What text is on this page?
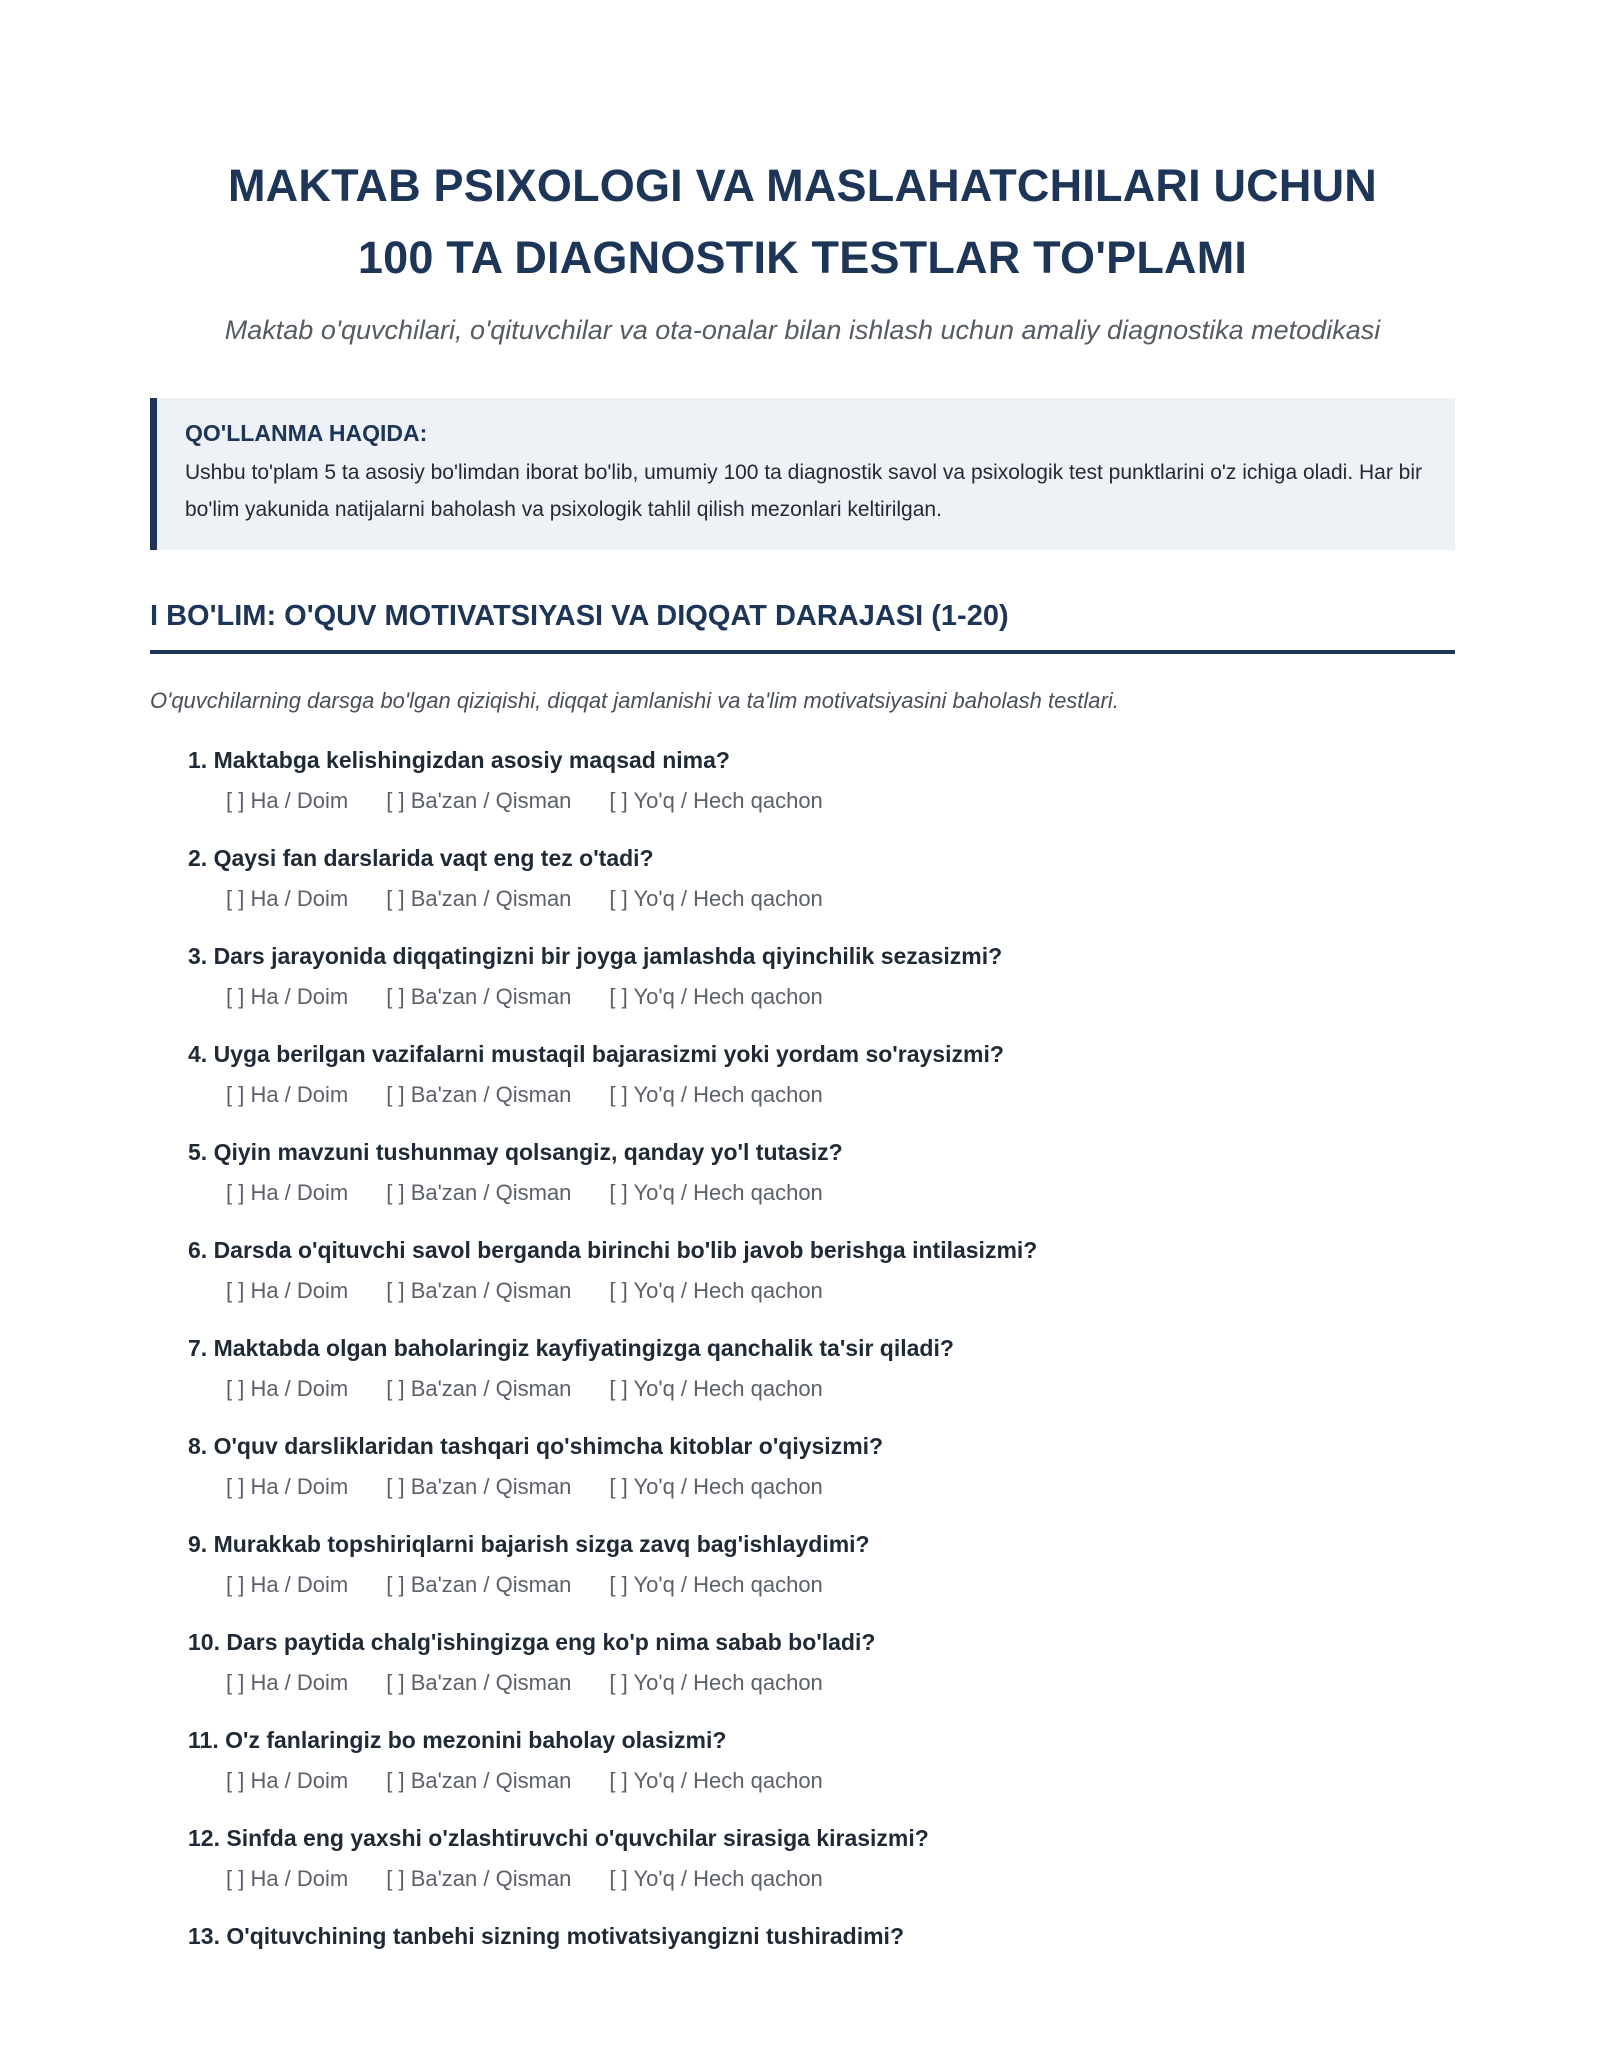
MAKTAB PSIXOLOGI VA MASLAHATCHILARI UCHUN
100 TA DIAGNOSTIK TESTLAR TO'PLAMI
Maktab o'quvchilari, o'qituvchilar va ota-onalar bilan ishlash uchun amaliy diagnostika metodikasi
QO'LLANMA HAQIDA:
Ushbu to'plam 5 ta asosiy bo'limdan iborat bo'lib, umumiy 100 ta diagnostik savol va psixologik test punktlarini o'z ichiga oladi. Har bir bo'lim yakunida natijalarni baholash va psixologik tahlil qilish mezonlari keltirilgan.
I BO'LIM: O'QUV MOTIVATSIYASI VA DIQQAT DARAJASI (1-20)
O'quvchilarning darsga bo'lgan qiziqishi, diqqat jamlanishi va ta'lim motivatsiyasini baholash testlari.
1. Maktabga kelishingizdan asosiy maqsad nima?
[ ] Ha / Doim [ ] Ba'zan / Qisman [ ] Yo'q / Hech qachon
2. Qaysi fan darslarida vaqt eng tez o'tadi?
[ ] Ha / Doim [ ] Ba'zan / Qisman [ ] Yo'q / Hech qachon
3. Dars jarayonida diqqatingizni bir joyga jamlashda qiyinchilik sezasizmi?
[ ] Ha / Doim [ ] Ba'zan / Qisman [ ] Yo'q / Hech qachon
4. Uyga berilgan vazifalarni mustaqil bajarasizmi yoki yordam so'raysizmi?
[ ] Ha / Doim [ ] Ba'zan / Qisman [ ] Yo'q / Hech qachon
5. Qiyin mavzuni tushunmay qolsangiz, qanday yo'l tutasiz?
[ ] Ha / Doim [ ] Ba'zan / Qisman [ ] Yo'q / Hech qachon
6. Darsda o'qituvchi savol berganda birinchi bo'lib javob berishga intilasizmi?
[ ] Ha / Doim [ ] Ba'zan / Qisman [ ] Yo'q / Hech qachon
7. Maktabda olgan baholaringiz kayfiyatingizga qanchalik ta'sir qiladi?
[ ] Ha / Doim [ ] Ba'zan / Qisman [ ] Yo'q / Hech qachon
8. O'quv darsliklaridan tashqari qo'shimcha kitoblar o'qiysizmi?
[ ] Ha / Doim [ ] Ba'zan / Qisman [ ] Yo'q / Hech qachon
9. Murakkab topshiriqlarni bajarish sizga zavq bag'ishlaydimi?
[ ] Ha / Doim [ ] Ba'zan / Qisman [ ] Yo'q / Hech qachon
10. Dars paytida chalg'ishingizga eng ko'p nima sabab bo'ladi?
[ ] Ha / Doim [ ] Ba'zan / Qisman [ ] Yo'q / Hech qachon
11. O'z fanlaringiz bo mezonini baholay olasizmi?
[ ] Ha / Doim [ ] Ba'zan / Qisman [ ] Yo'q / Hech qachon
12. Sinfda eng yaxshi o'zlashtiruvchi o'quvchilar sirasiga kirasizmi?
[ ] Ha / Doim [ ] Ba'zan / Qisman [ ] Yo'q / Hech qachon
13. O'qituvchining tanbehi sizning motivatsiyangizni tushiradimi?
